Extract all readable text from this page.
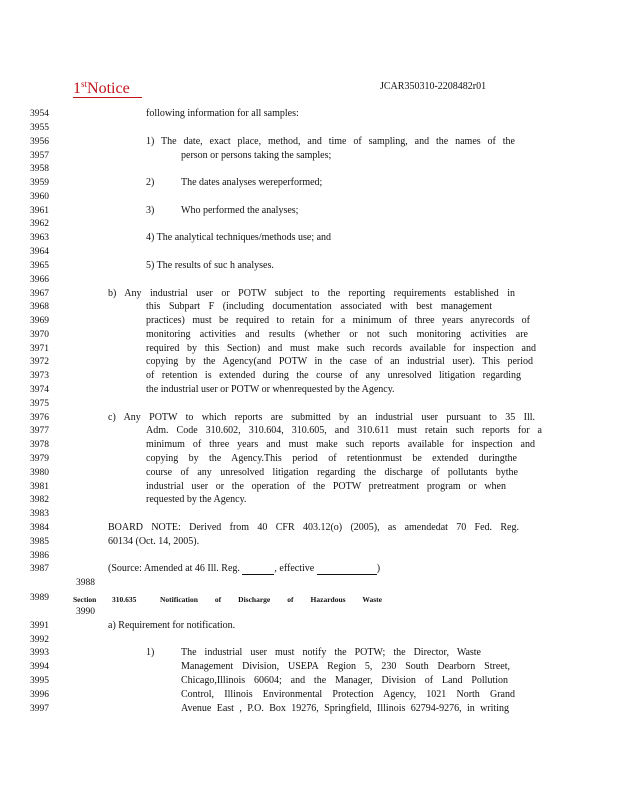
1stNotice	JCAR350310-2208482r01
3954
3955
3956
3957
3958
3959
3960
3961
3962
3963
3964
3965
3966
3967
3968
3969
3970
3971
3972
3973
3974
3975
3976
3977
3978
3979
3980
3981
3982
3983
3984
3985
3986
3987
3988
3989
3990
3991
3992
3993
3994
3995
3996
3997
following information for all samples:
1) The date, exact place, method, and time of sampling, and the names of the
person or persons taking the samples;
2)	The dates analyses wereperformed;
3)	Who performed the analyses;
4) The analytical techniques/methods use; and
5) The results of suc h analyses.
b) Any industrial user or POTW subject to the reporting requirements established in
this Subpart F (including documentation associated with best management
practices) must be required to retain for a minimum of three years anyrecords of
monitoring activities and results (whether or not such monitoring activities are
required by this Section) and must make such records available for inspection and
copying by the Agency(and POTW in the case of an industrial user). This period
of retention is extended during the course of any unresolved litigation regarding
the industrial user or POTW or whenrequested by the Agency.
c) Any POTW to which reports are submitted by an industrial user pursuant to 35 Ill.
Adm. Code 310.602, 310.604, 310.605, and 310.611 must retain such reports for a
minimum of three years and must make such reports available for inspection and
copying by the Agency.This period of retentionmust be extended duringthe
course of any unresolved litigation regarding the discharge of pollutants bythe
industrial user or the operation of the POTW pretreatment program or when
requested by the Agency.
BOARD NOTE: Derived from 40 CFR 403.12(o) (2005), as amendedat 70 Fed. Reg.
60134 (Oct. 14, 2005).
(Source: Amended at 46 Ill. Reg.	, effective	)
Section 310.635	Notification of Discharge of Hazardous Waste
a) Requirement for notification.
1)	The industrial user must notify the POTW; the Director, Waste
Management Division, USEPA Region 5, 230 South Dearborn Street,
Chicago,Illinois 60604; and the Manager, Division of Land Pollution
Control, Illinois Environmental Protection Agency, 1021 North Grand
Avenue East , P.O. Box 19276, Springfield, Illinois 62794-9276, in writing
